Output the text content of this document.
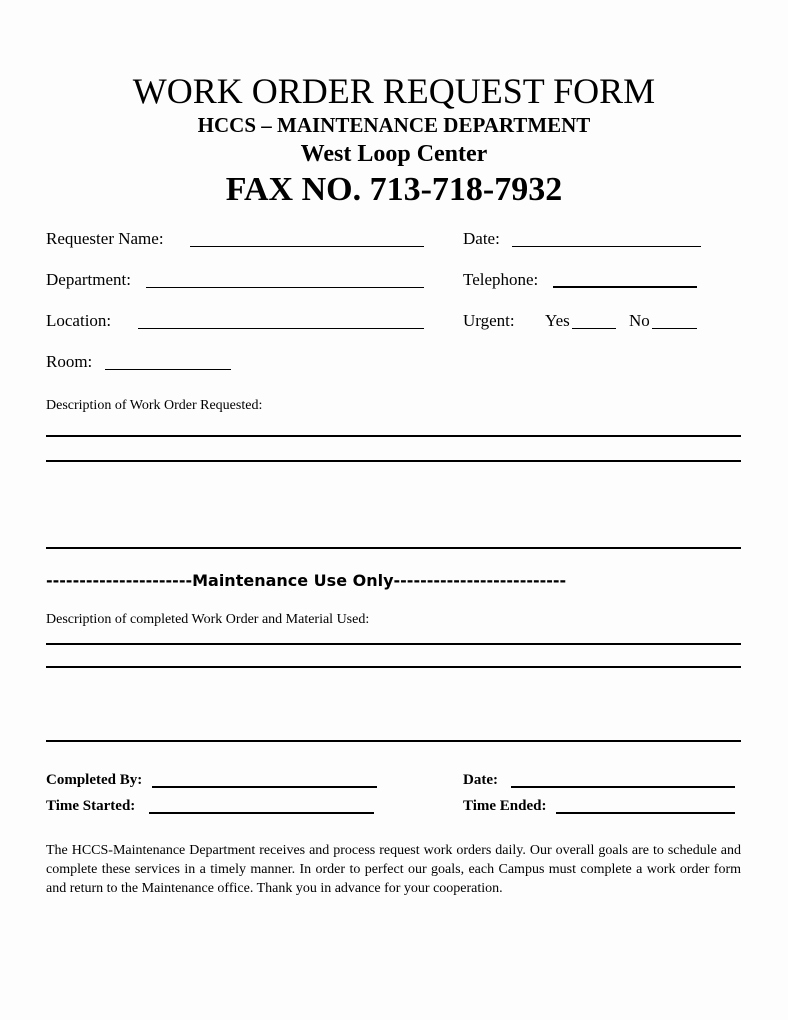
WORK ORDER REQUEST FORM
HCCS – MAINTENANCE DEPARTMENT
West Loop Center
FAX NO. 713-718-7932
Requester Name:	Date:
Department:	Telephone:
Location:	Urgent: Yes	No
Room:
Description of Work Order Requested:
----------------------Maintenance Use Only--------------------------
Description of completed Work Order and Material Used:
Completed By:	Date:
Time Started:	Time Ended:
The HCCS-Maintenance Department receives and process request work orders daily. Our overall goals are to schedule and complete these services in a timely manner. In order to perfect our goals, each Campus must complete a work order form and return to the Maintenance office. Thank you in advance for your cooperation.
